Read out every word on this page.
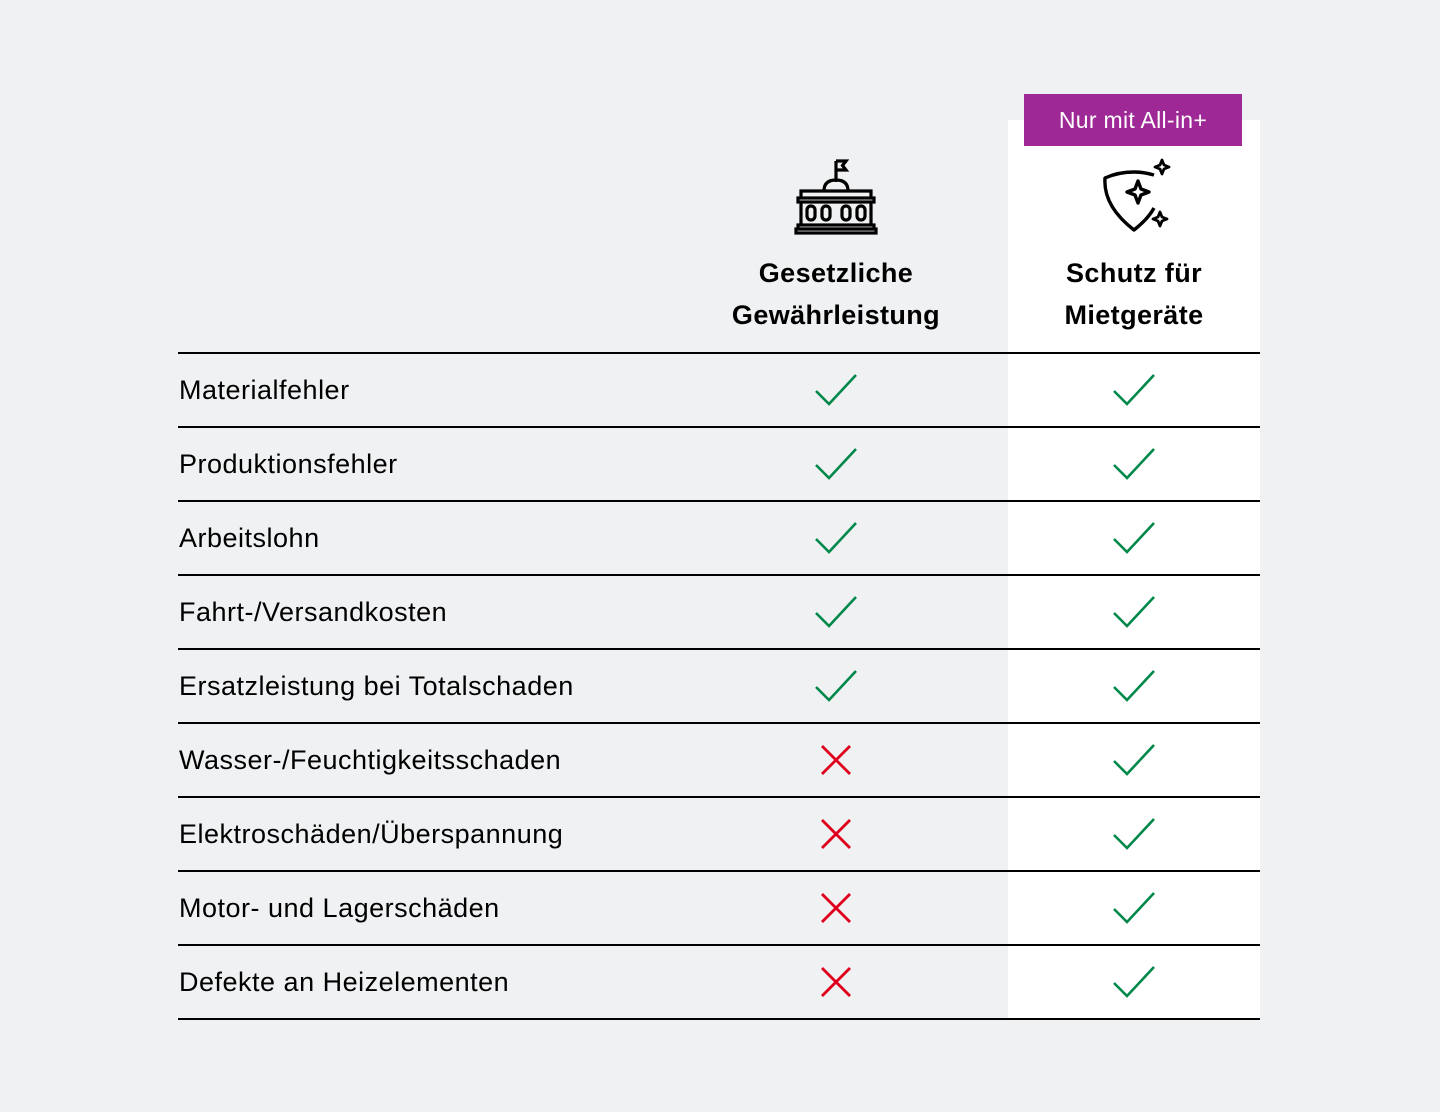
Nur mit All-in+
Gesetzliche
Gewährleistung
Schutz für
Mietgeräte
Materialfehler
Produktionsfehler
Arbeitslohn
Fahrt-/Versandkosten
Ersatzleistung bei Totalschaden
Wasser-/Feuchtigkeitsschaden
Elektroschäden/Überspannung
Motor- und Lagerschäden
Defekte an Heizelementen
